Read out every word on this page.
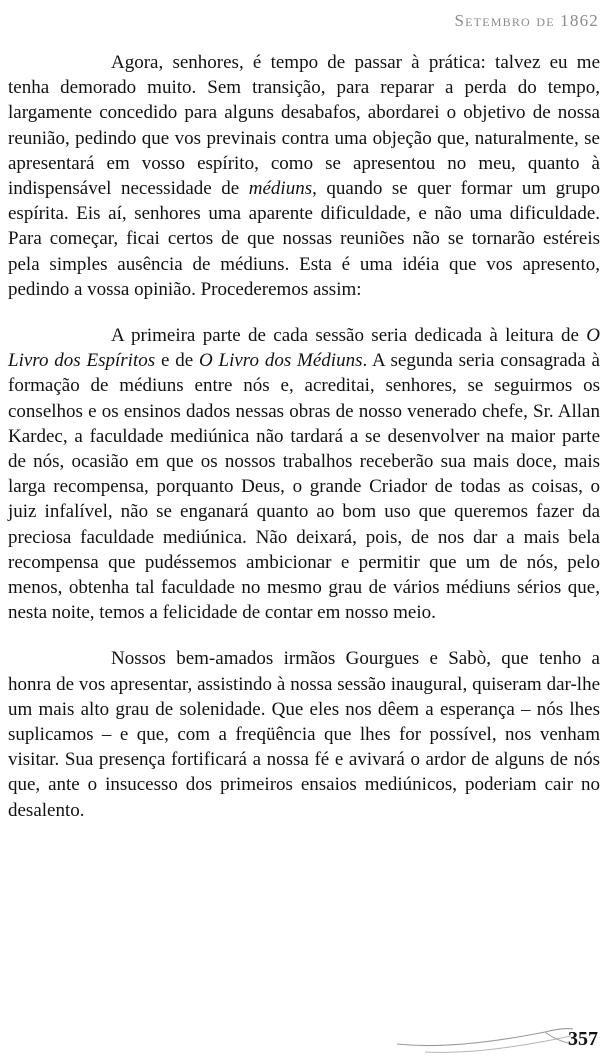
Setembro de 1862

Agora, senhores, é tempo de passar à prática: talvez eu me tenha demorado muito. Sem transição, para reparar a perda do tempo, largamente concedido para alguns desabafos, abordarei o objetivo de nossa reunião, pedindo que vos previnais contra uma objeção que, naturalmente, se apresentará em vosso espírito, como se apresentou no meu, quanto à indispensável necessidade de médiuns, quando se quer formar um grupo espírita. Eis aí, senhores uma aparente dificuldade, e não uma dificuldade. Para começar, ficai certos de que nossas reuniões não se tornarão estéreis pela simples ausência de médiuns. Esta é uma idéia que vos apresento, pedindo a vossa opinião. Procederemos assim:

A primeira parte de cada sessão seria dedicada à leitura de O Livro dos Espíritos e de O Livro dos Médiuns. A segunda seria consagrada à formação de médiuns entre nós e, acreditai, senhores, se seguirmos os conselhos e os ensinos dados nessas obras de nosso venerado chefe, Sr. Allan Kardec, a faculdade mediúnica não tardará a se desenvolver na maior parte de nós, ocasião em que os nossos trabalhos receberão sua mais doce, mais larga recompensa, porquanto Deus, o grande Criador de todas as coisas, o juiz infalível, não se enganará quanto ao bom uso que queremos fazer da preciosa faculdade mediúnica. Não deixará, pois, de nos dar a mais bela recompensa que pudéssemos ambicionar e permitir que um de nós, pelo menos, obtenha tal faculdade no mesmo grau de vários médiuns sérios que, nesta noite, temos a felicidade de contar em nosso meio.

Nossos bem-amados irmãos Gourgues e Sabò, que tenho a honra de vos apresentar, assistindo à nossa sessão inaugural, quiseram dar-lhe um mais alto grau de solenidade. Que eles nos dêem a esperança – nós lhes suplicamos – e que, com a freqüência que lhes for possível, nos venham visitar. Sua presença fortificará a nossa fé e avivará o ardor de alguns de nós que, ante o insucesso dos primeiros ensaios mediúnicos, poderiam cair no desalento.

357
